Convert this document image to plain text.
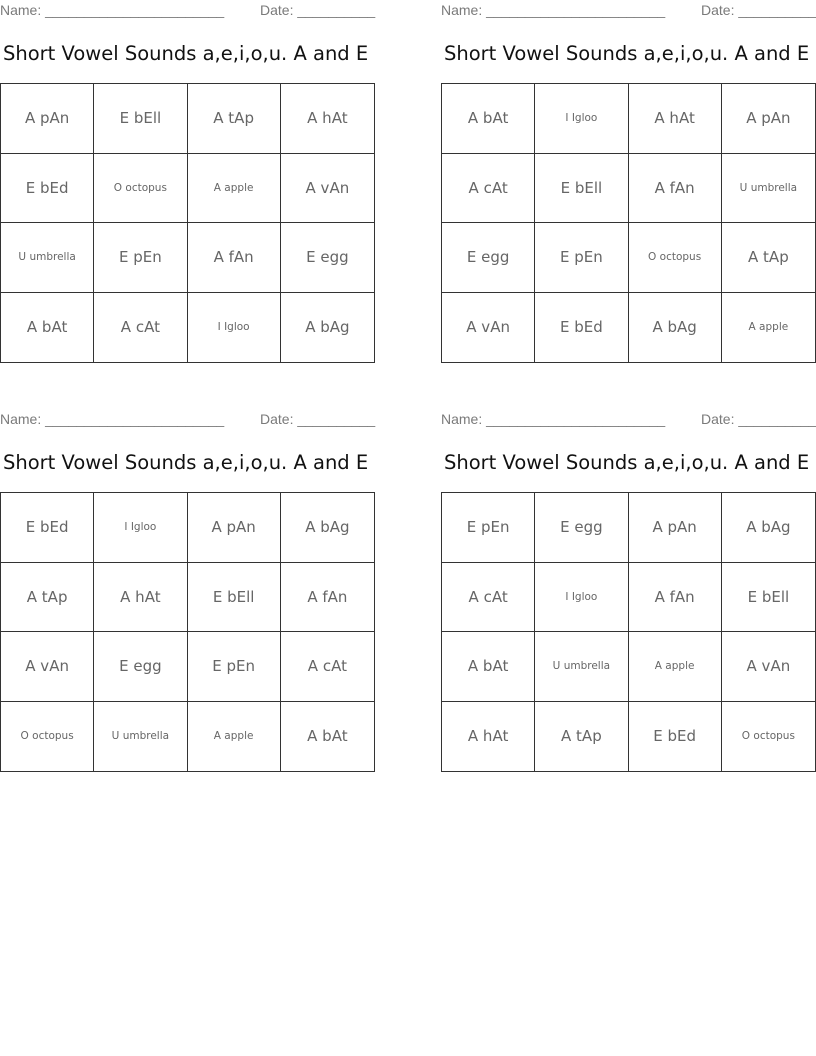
Name: _______________________	Date: __________
Short Vowel Sounds a,e,i,o,u. A and E
A pAn	E bEll	A tAp	A hAt
E bEd	O octopus	A apple	A vAn
U umbrella	E pEn	A fAn	E egg
A bAt	A cAt	I Igloo	A bAg
Name: _______________________	Date: __________
Short Vowel Sounds a,e,i,o,u. A and E
A bAt	I Igloo	A hAt	A pAn
A cAt	E bEll	A fAn	U umbrella
E egg	E pEn	O octopus	A tAp
A vAn	E bEd	A bAg	A apple
Name: _______________________	Date: __________
Short Vowel Sounds a,e,i,o,u. A and E
E bEd	I Igloo	A pAn	A bAg
A tAp	A hAt	E bEll	A fAn
A vAn	E egg	E pEn	A cAt
O octopus	U umbrella	A apple	A bAt
Name: _______________________	Date: __________
Short Vowel Sounds a,e,i,o,u. A and E
E pEn	E egg	A pAn	A bAg
A cAt	I Igloo	A fAn	E bEll
A bAt	U umbrella	A apple	A vAn
A hAt	A tAp	E bEd	O octopus
